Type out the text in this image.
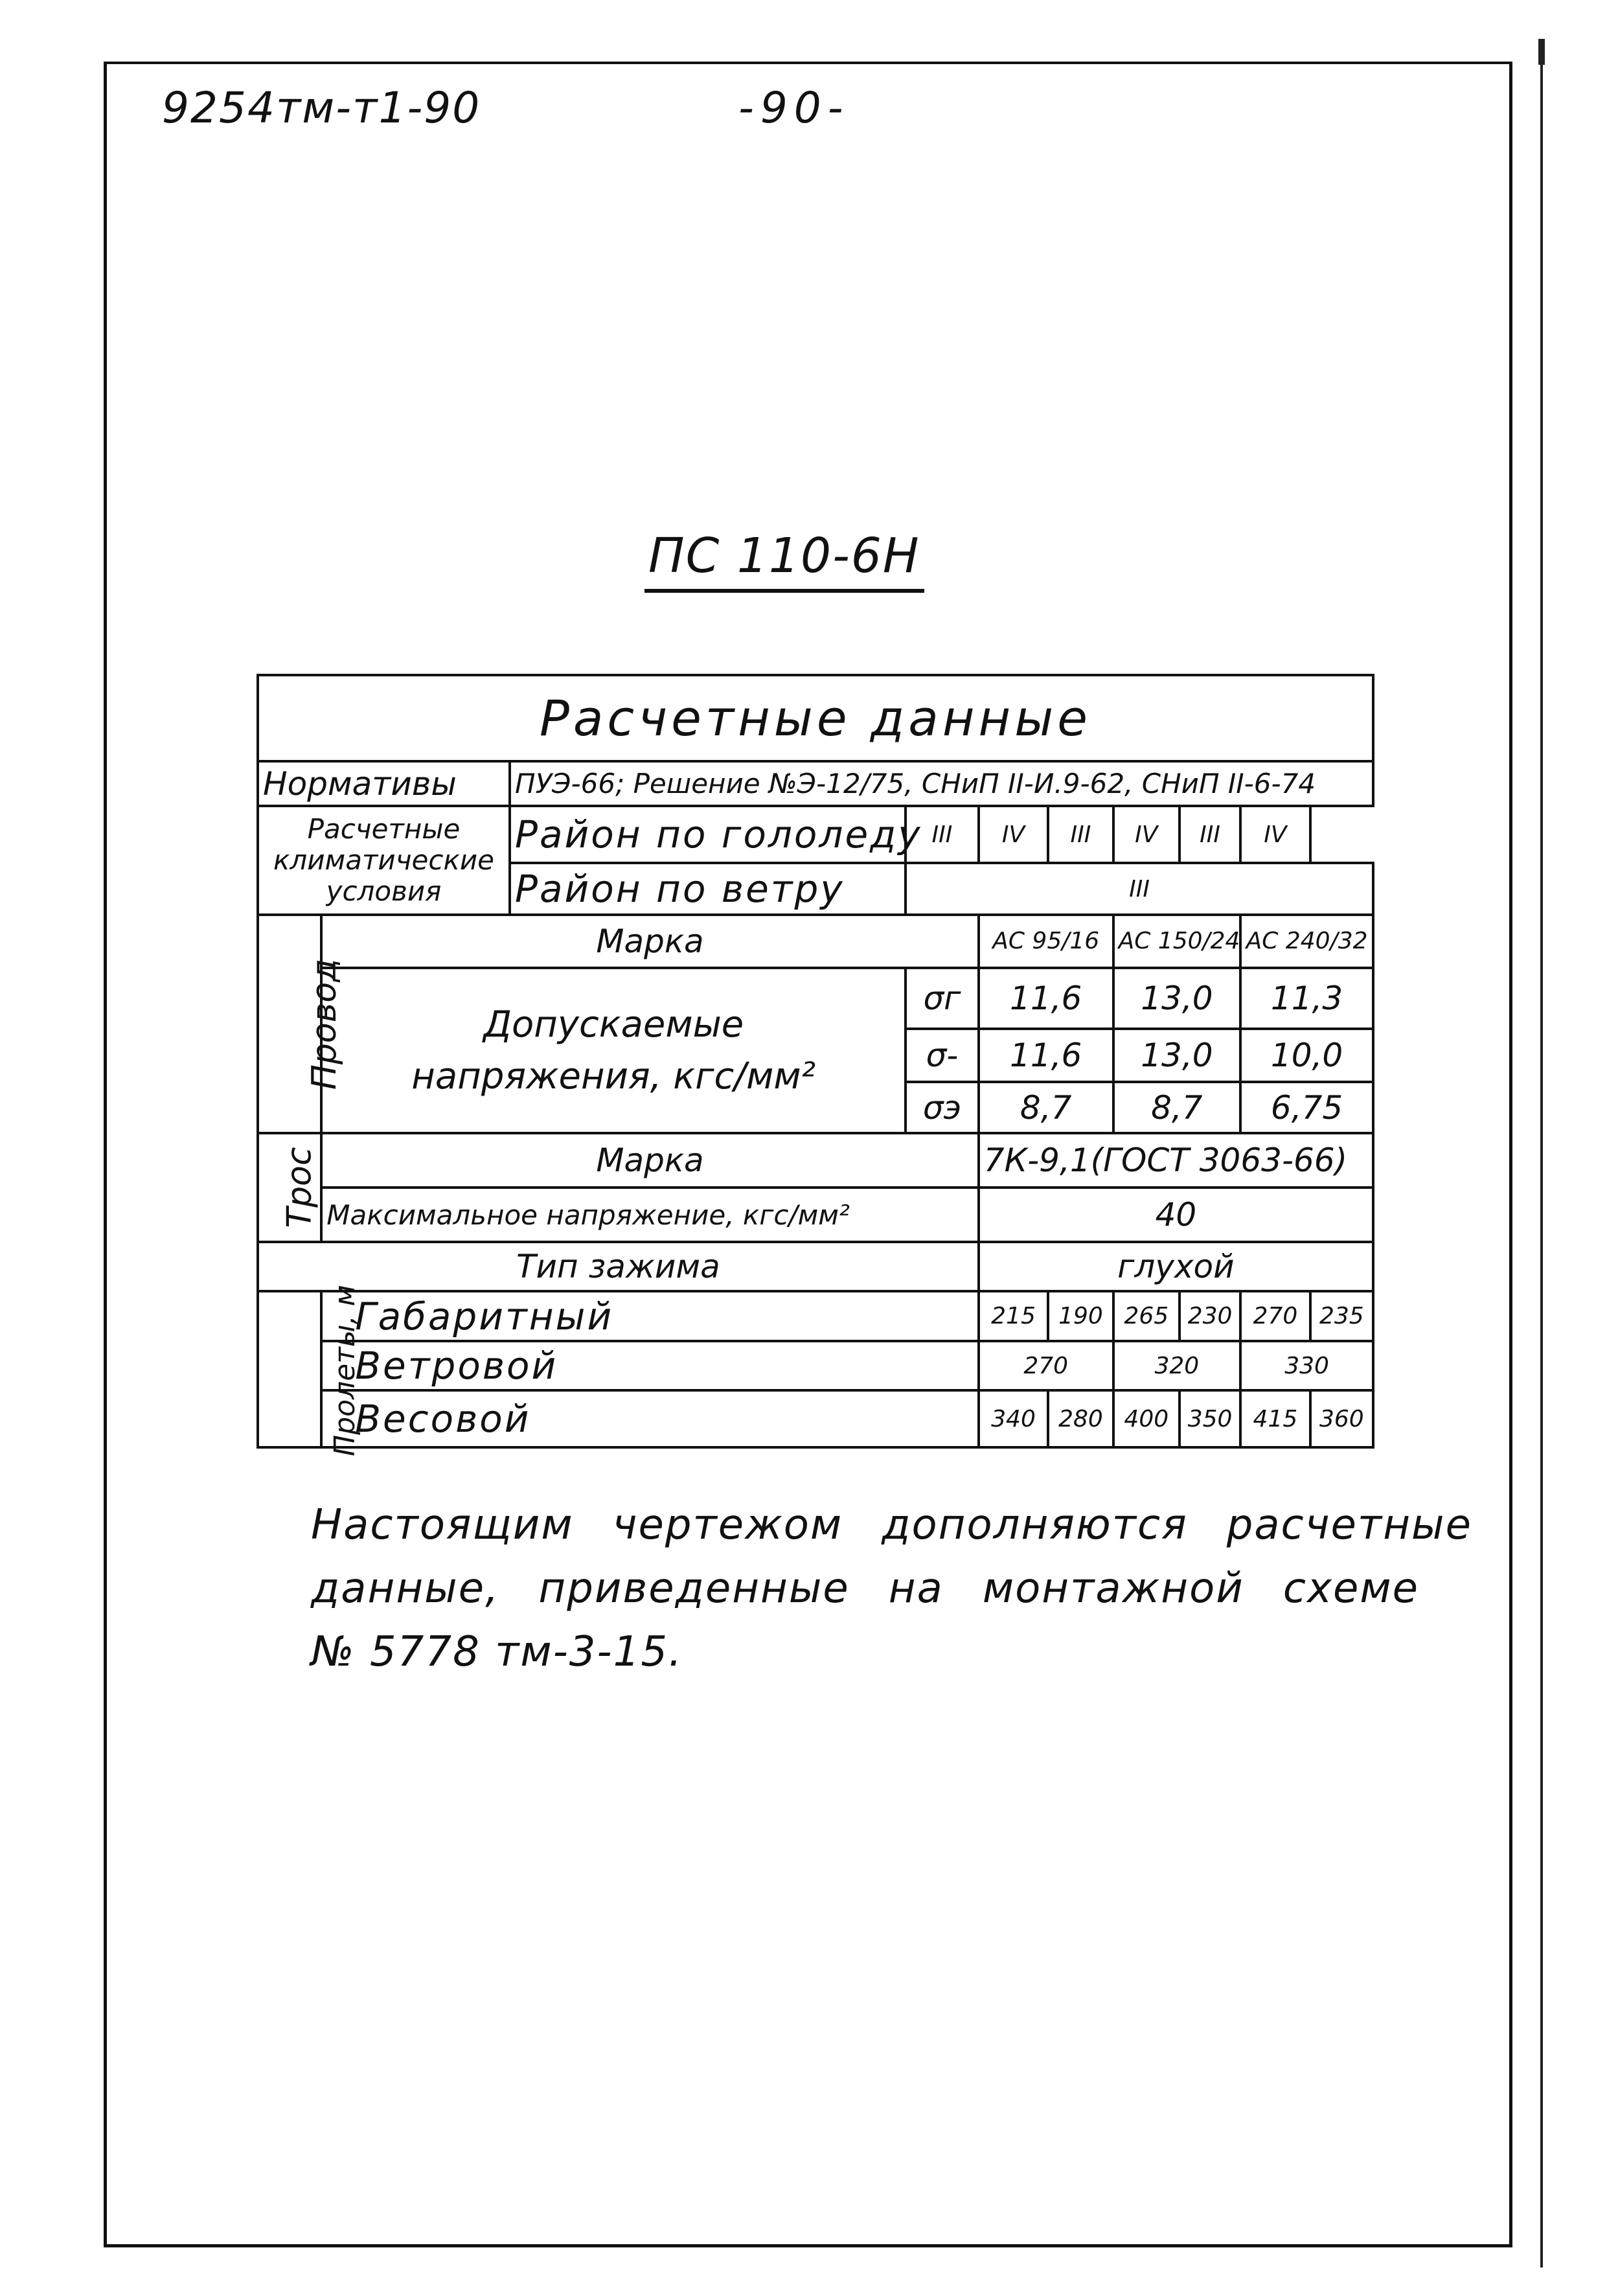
9254тм-т1-90	-90-
ПС 110-6Н
Расчетные данные									
Нормативы		ПУЭ-66; Решение №Э-12/75, СНиП II-И.9-62, СНиП II-6-74							
Расчетные
климатические
условия		Район по гололеду	III	IV	III	IV	III	IV	
		Район по ветру	III						
Провод	Марка			АС 95/16		АС 150/24		АС 240/32	
	Допускаемые
напряжения, кгс/мм²		σг	11,6		13,0		11,3	
			σ-	11,6		13,0		10,0	
			σэ	8,7		8,7		6,75	
Трос	Марка			7К-9,1(ГОСТ 3063-66)					
	Максимальное напряжение, кгс/мм²			40					
Тип зажима				глухой					
Пролеты, м	Габаритный			215	190	265	230	270	235
	Ветровой			270		320		330	
	Весовой			340	280	400	350	415	360
Настоящим чертежом дополняются расчетные
данные, приведенные на монтажной схеме
№ 5778 тм-3-15.
